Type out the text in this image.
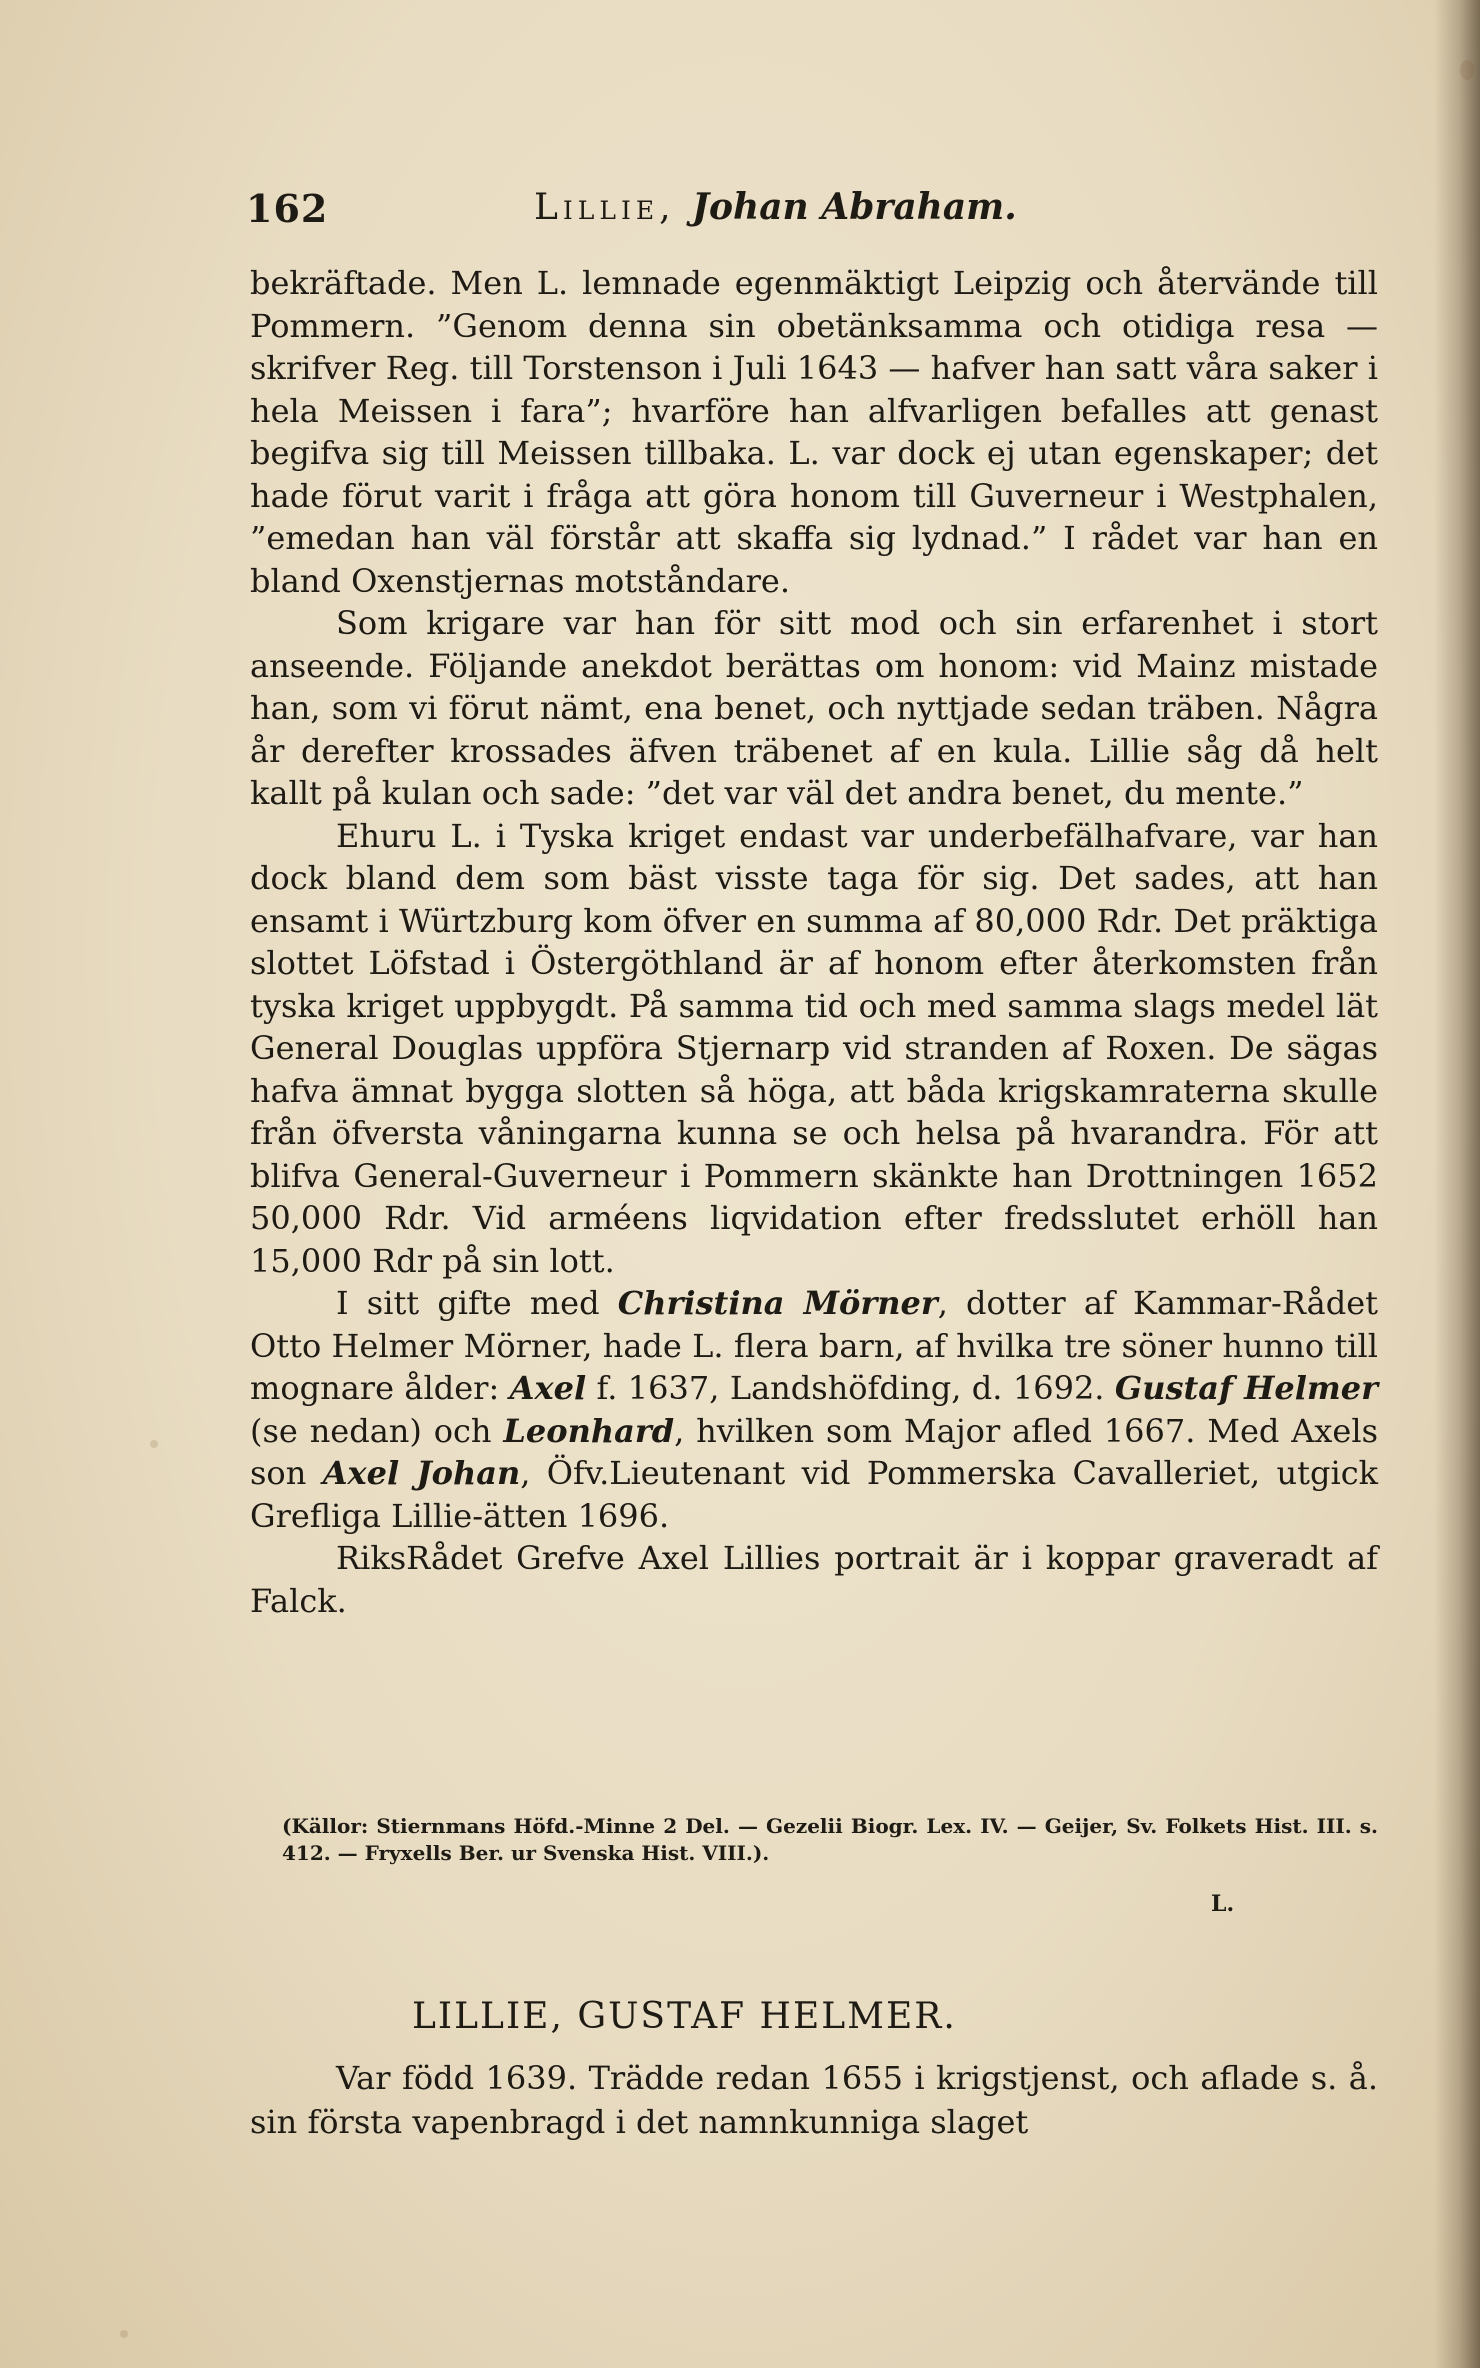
162	Lillie, Johan Abraham.

bekräftade. Men L. lemnade egenmäktigt Leipzig och återvände till Pommern. ”Genom denna sin obetänksamma och otidiga resa — skrifver Reg. till Torstenson i Juli 1643 — hafver han satt våra saker i hela Meissen i fara”; hvarföre han alfvarligen befalles att genast begifva sig till Meissen tillbaka. L. var dock ej utan egenskaper; det hade förut varit i fråga att göra honom till Guverneur i Westphalen, ”emedan han väl förstår att skaffa sig lydnad.” I rådet var han en bland Oxenstjernas motståndare.

Som krigare var han för sitt mod och sin erfarenhet i stort anseende. Följande anekdot berättas om honom: vid Mainz mistade han, som vi förut nämt, ena benet, och nyttjade sedan träben. Några år derefter krossades äfven träbenet af en kula. Lillie såg då helt kallt på kulan och sade: ”det var väl det andra benet, du mente.”

Ehuru L. i Tyska kriget endast var underbefälhafvare, var han dock bland dem som bäst visste taga för sig. Det sades, att han ensamt i Würtzburg kom öfver en summa af 80,000 Rdr. Det präktiga slottet Löfstad i Östergöthland är af honom efter återkomsten från tyska kriget uppbygdt. På samma tid och med samma slags medel lät General Douglas uppföra Stjernarp vid stranden af Roxen. De sägas hafva ämnat bygga slotten så höga, att båda krigskamraterna skulle från öfversta våningarna kunna se och helsa på hvarandra. För att blifva General-Guverneur i Pommern skänkte han Drottningen 1652 50,000 Rdr. Vid arméens liqvidation efter fredsslutet erhöll han 15,000 Rdr på sin lott.

I sitt gifte med Christina Mörner, dotter af Kammar-Rådet Otto Helmer Mörner, hade L. flera barn, af hvilka tre söner hunno till mognare ålder: Axel f. 1637, Landshöfding, d. 1692. Gustaf Helmer (se nedan) och Leonhard, hvilken som Major afled 1667. Med Axels son Axel Johan, Öfv.Lieutenant vid Pommerska Cavalleriet, utgick Grefliga Lillie-ätten 1696.

RiksRådet Grefve Axel Lillies portrait är i koppar graveradt af Falck.

(Källor: Stiernmans Höfd.-Minne 2 Del. — Gezelii Biogr. Lex. IV. — Geijer, Sv. Folkets Hist. III. s. 412. — Fryxells Ber. ur Svenska Hist. VIII.).
L.
LILLIE, GUSTAF HELMER.

Var född 1639. Trädde redan 1655 i krigstjenst, och aflade s. å. sin första vapenbragd i det namnkunniga slaget
